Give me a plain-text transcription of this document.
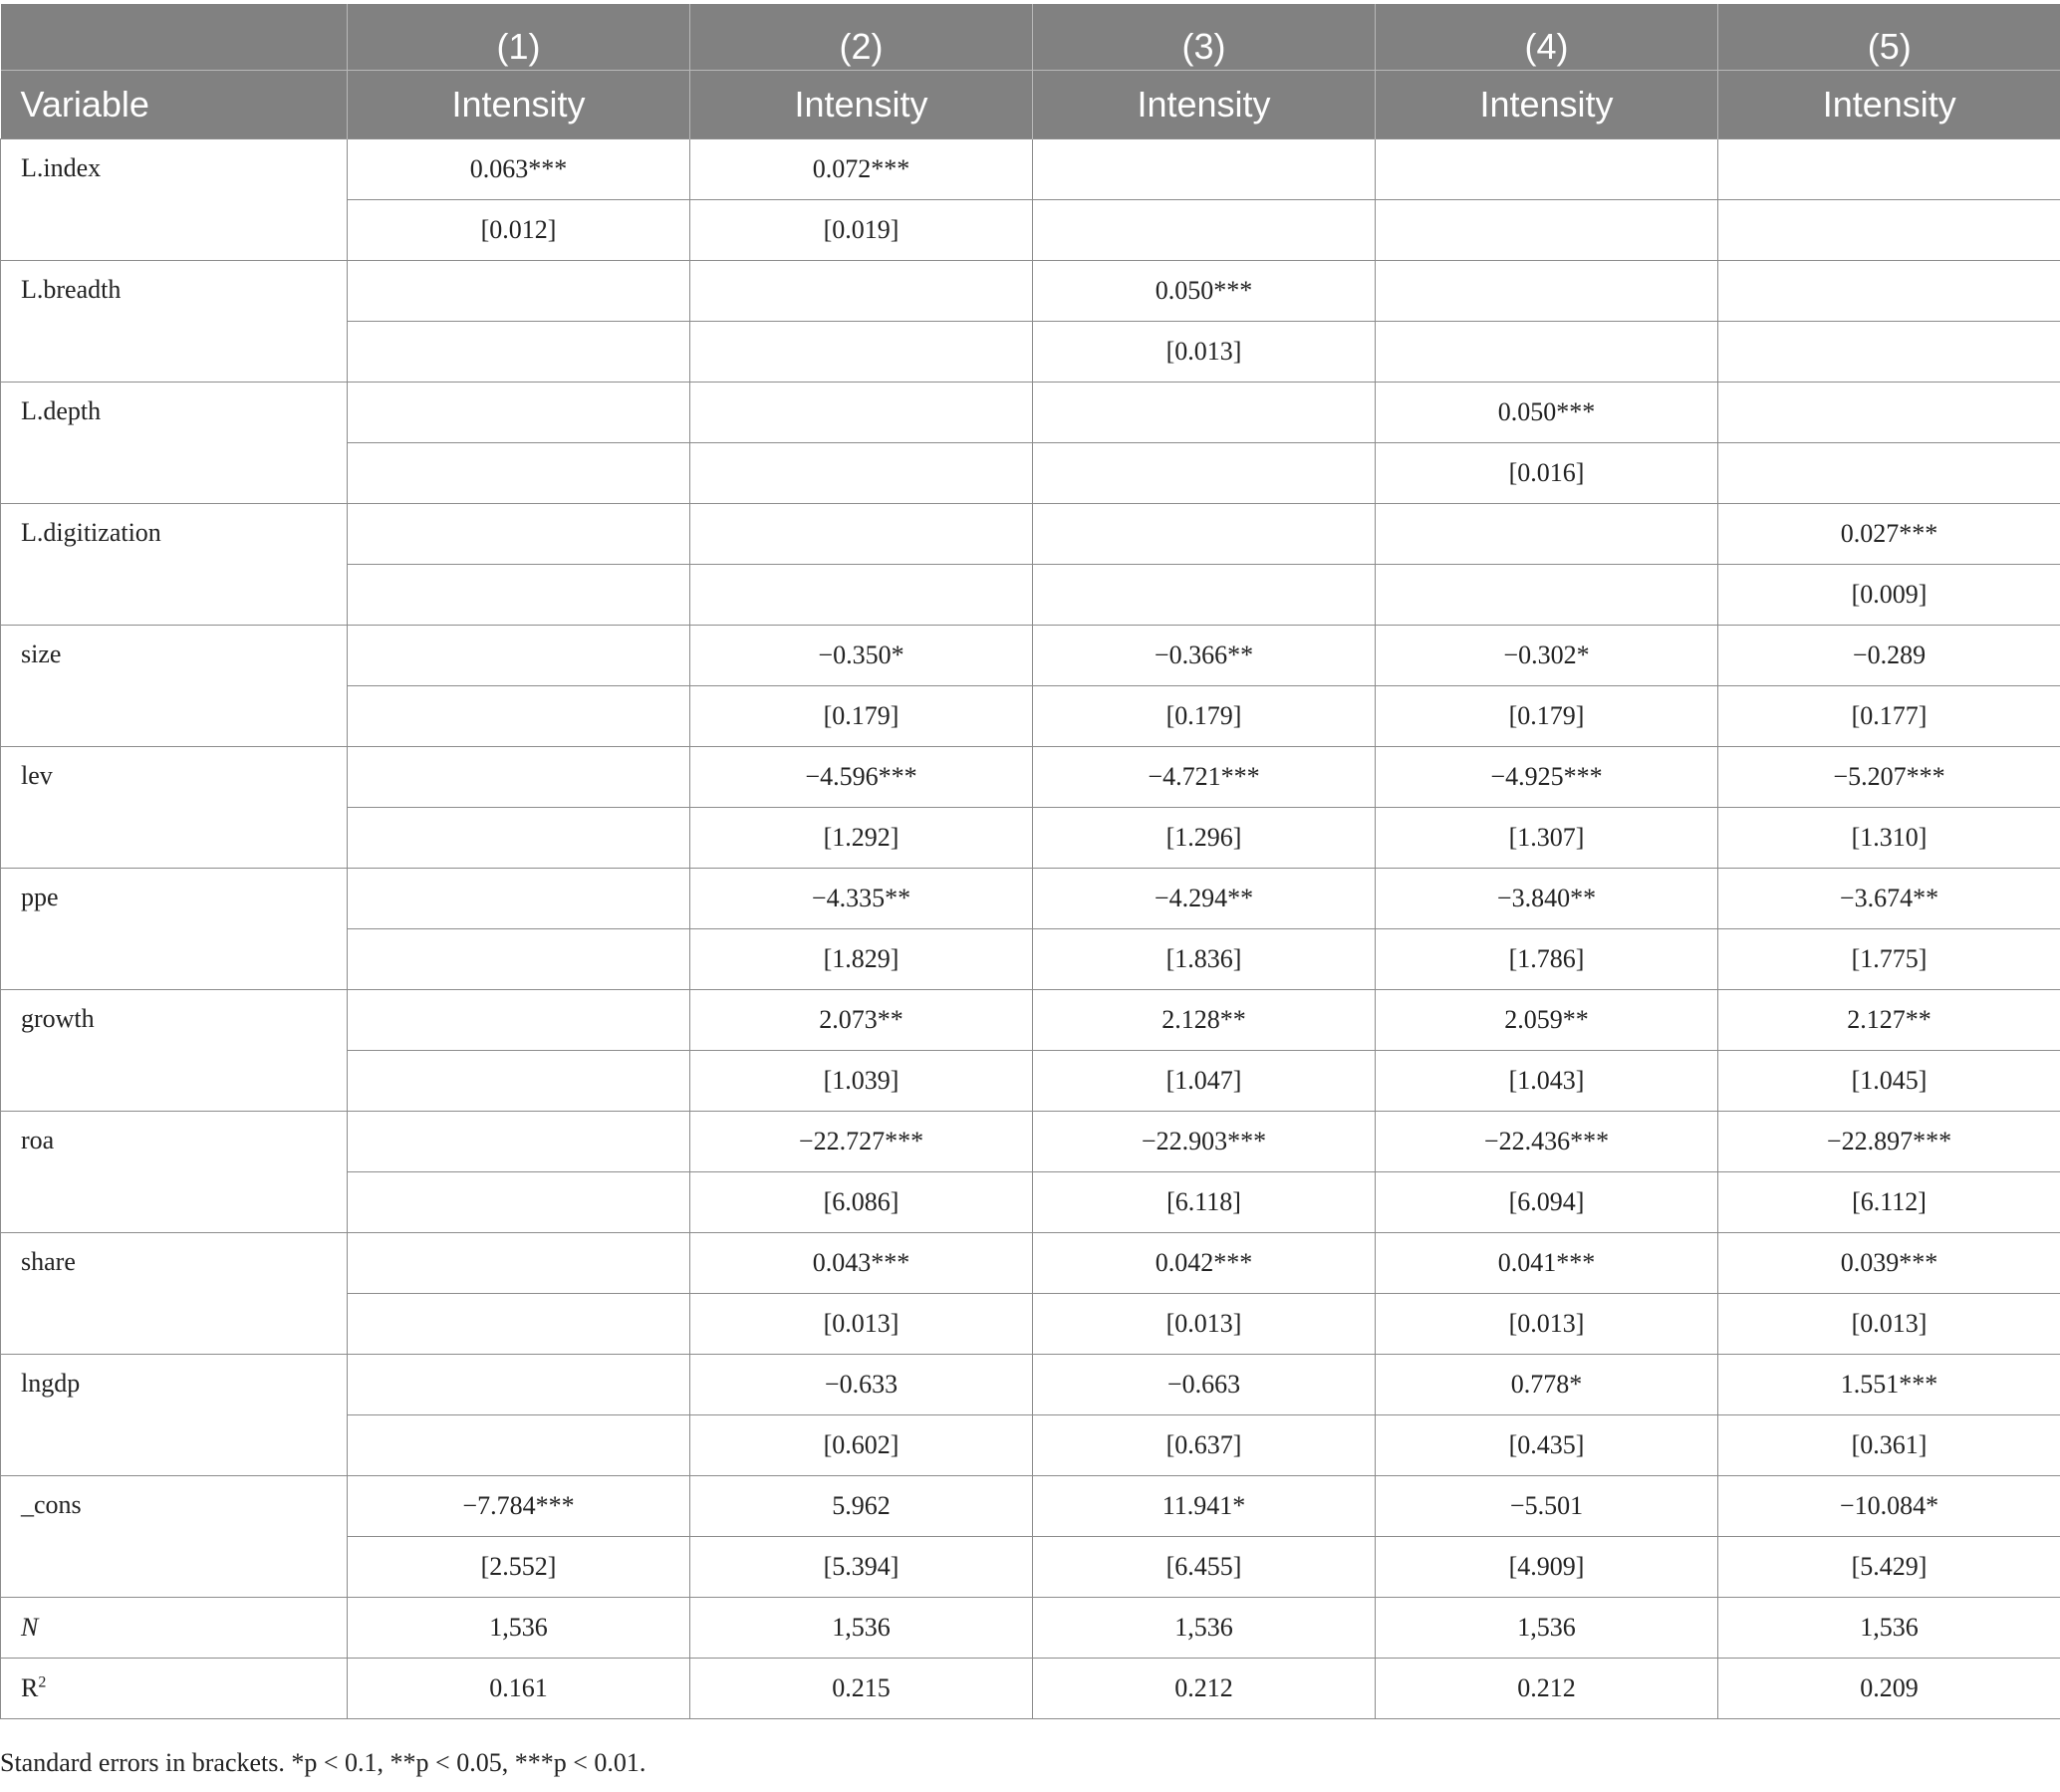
	(1)	(2)	(3)	(4)	(5)
Variable	Intensity	Intensity	Intensity	Intensity	Intensity
L.index	0.063***	0.072***			
	[0.012]	[0.019]			
L.breadth			0.050***		
			[0.013]		
L.depth				0.050***	
				[0.016]	
L.digitization					0.027***
					[0.009]
size		−0.350*	−0.366**	−0.302*	−0.289
		[0.179]	[0.179]	[0.179]	[0.177]
lev		−4.596***	−4.721***	−4.925***	−5.207***
		[1.292]	[1.296]	[1.307]	[1.310]
ppe		−4.335**	−4.294**	−3.840**	−3.674**
		[1.829]	[1.836]	[1.786]	[1.775]
growth		2.073**	2.128**	2.059**	2.127**
		[1.039]	[1.047]	[1.043]	[1.045]
roa		−22.727***	−22.903***	−22.436***	−22.897***
		[6.086]	[6.118]	[6.094]	[6.112]
share		0.043***	0.042***	0.041***	0.039***
		[0.013]	[0.013]	[0.013]	[0.013]
lngdp		−0.633	−0.663	0.778*	1.551***
		[0.602]	[0.637]	[0.435]	[0.361]
_cons	−7.784***	5.962	11.941*	−5.501	−10.084*
	[2.552]	[5.394]	[6.455]	[4.909]	[5.429]
N	1,536	1,536	1,536	1,536	1,536
$R^2$	0.161	0.215	0.212	0.212	0.209
Standard errors in brackets. *p < 0.1, **p < 0.05, ***p < 0.01.
